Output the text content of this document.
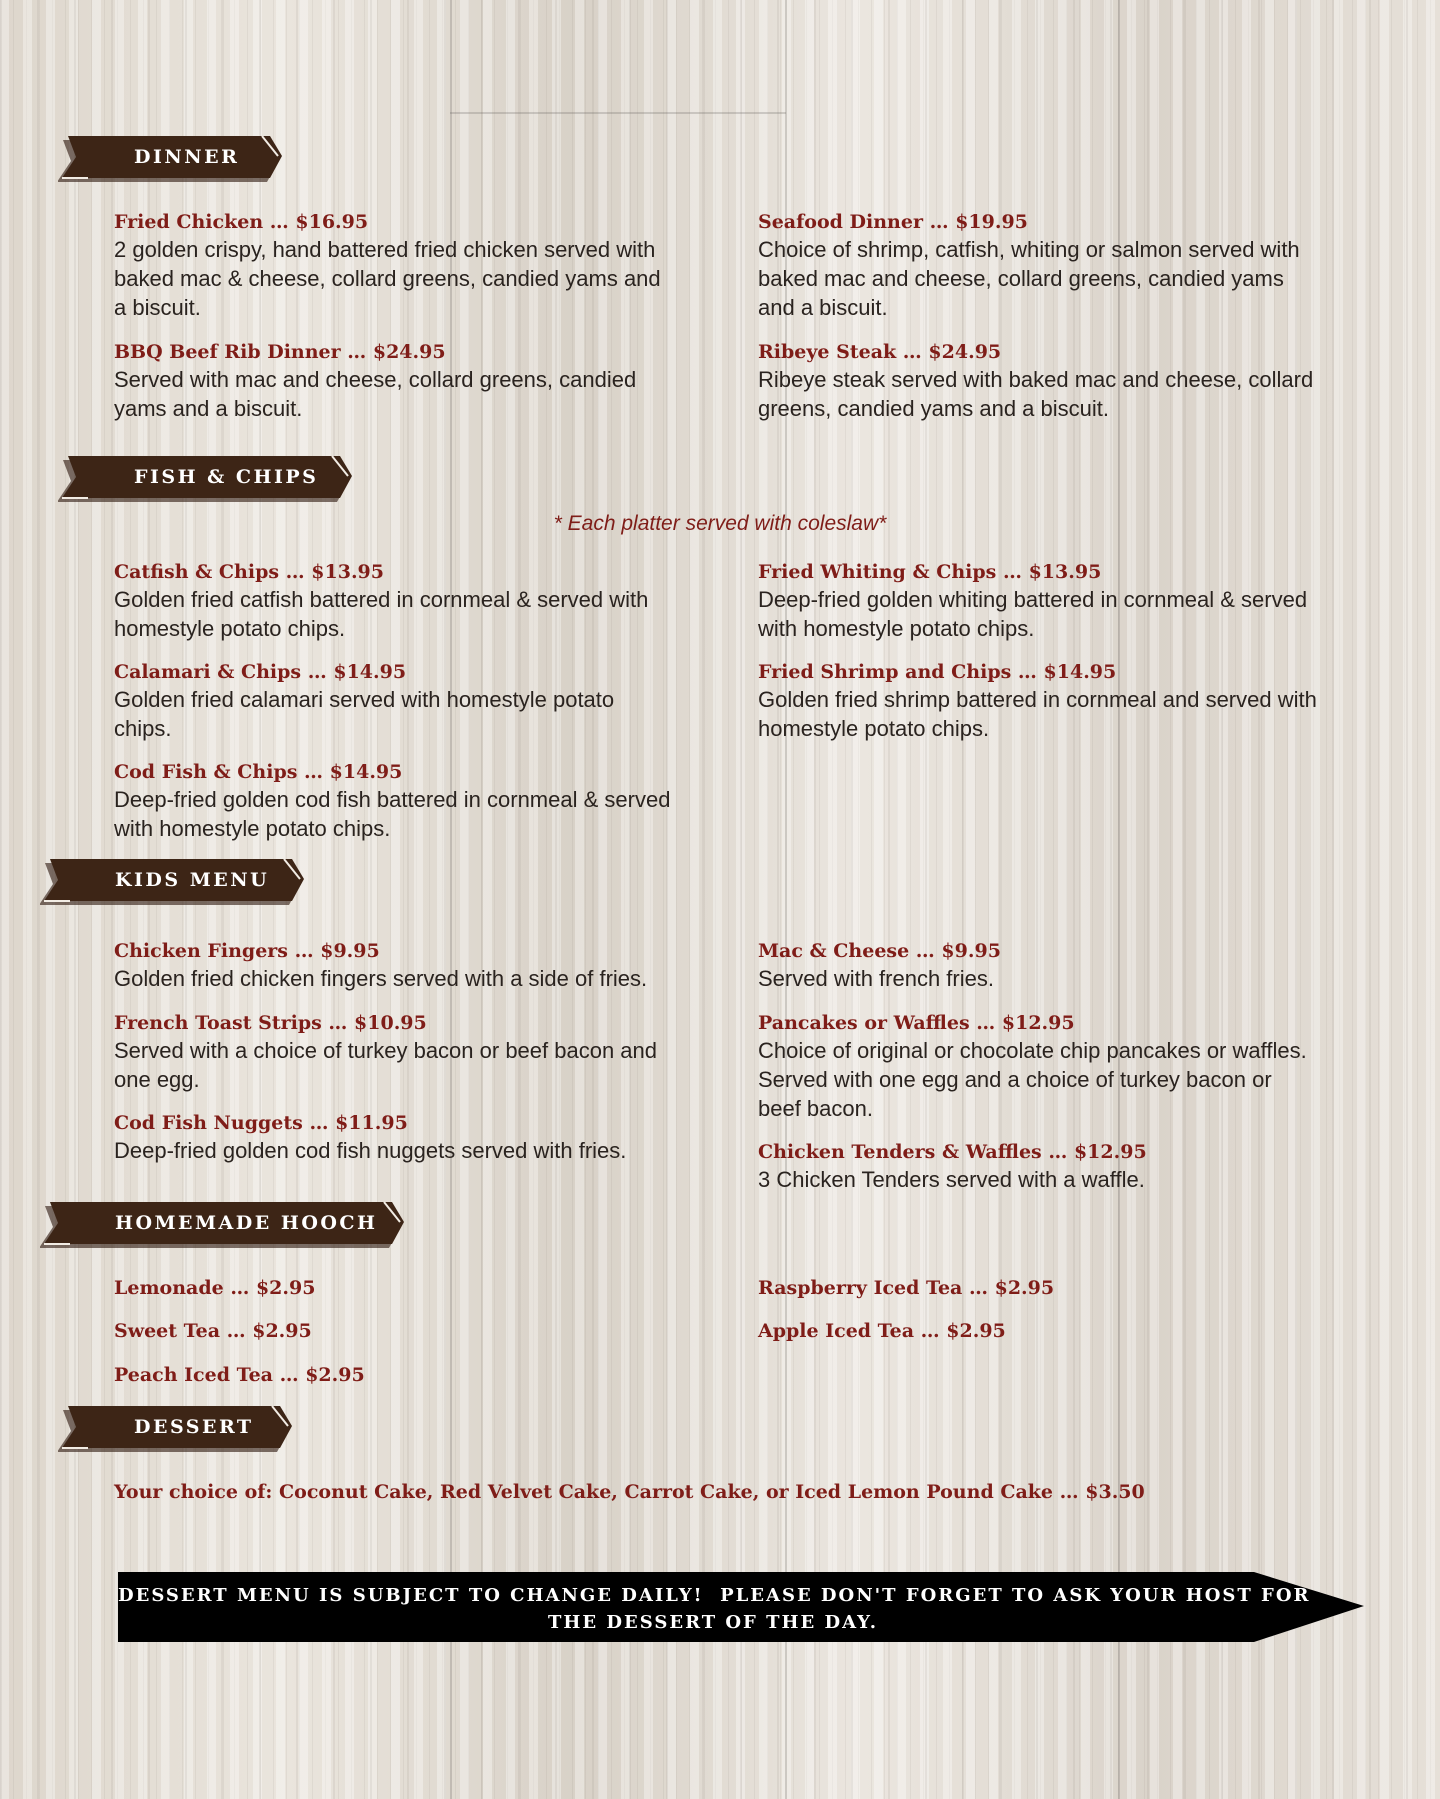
DINNER
Fried Chicken … $16.95
2 golden crispy, hand battered fried chicken served with baked mac & cheese, collard greens, candied yams and a biscuit.
Seafood Dinner … $19.95
Choice of shrimp, catfish, whiting or salmon served with baked mac and cheese, collard greens, candied yams and a biscuit.
BBQ Beef Rib Dinner … $24.95
Served with mac and cheese, collard greens, candied yams and a biscuit.
Ribeye Steak … $24.95
Ribeye steak served with baked mac and cheese, collard greens, candied yams and a biscuit.
FISH & CHIPS
* Each platter served with coleslaw*
Catfish & Chips … $13.95
Golden fried catfish battered in cornmeal & served with homestyle potato chips.
Fried Whiting & Chips … $13.95
Deep-fried golden whiting battered in cornmeal & served with homestyle potato chips.
Calamari & Chips … $14.95
Golden fried calamari served with homestyle potato chips.
Fried Shrimp and Chips … $14.95
Golden fried shrimp battered in cornmeal and served with homestyle potato chips.
Cod Fish & Chips … $14.95
Deep-fried golden cod fish battered in cornmeal & served with homestyle potato chips.
KIDS MENU
Chicken Fingers … $9.95
Golden fried chicken fingers served with a side of fries.
Mac & Cheese … $9.95
Served with french fries.
French Toast Strips … $10.95
Served with a choice of turkey bacon or beef bacon and one egg.
Pancakes or Waffles … $12.95
Choice of original or chocolate chip pancakes or waffles. Served with one egg and a choice of turkey bacon or beef bacon.
Cod Fish Nuggets … $11.95
Deep-fried golden cod fish nuggets served with fries.	Chicken Tenders & Waffles … $12.95
3 Chicken Tenders served with a waffle.
HOMEMADE HOOCH
Lemonade … $2.95	Raspberry Iced Tea … $2.95
Sweet Tea … $2.95	Apple Iced Tea … $2.95
Peach Iced Tea … $2.95
DESSERT
Your choice of: Coconut Cake, Red Velvet Cake, Carrot Cake, or Iced Lemon Pound Cake … $3.50
DESSERT MENU IS SUBJECT TO CHANGE DAILY!  PLEASE DON'T FORGET TO ASK YOUR HOST FOR
THE DESSERT OF THE DAY.
